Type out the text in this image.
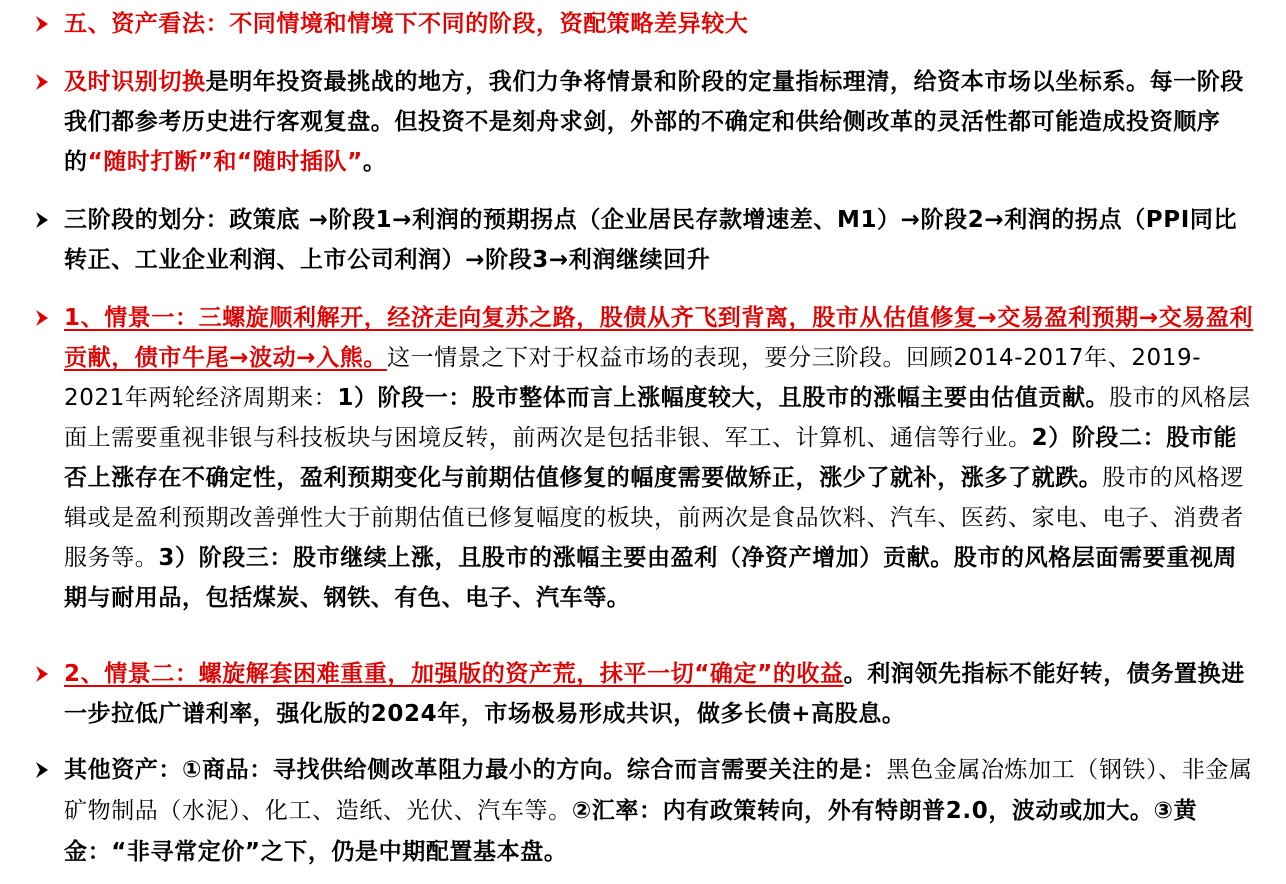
五、资产看法：不同情境和情境下不同的阶段，资配策略差异较大
及时识别切换是明年投资最挑战的地方，我们力争将情景和阶段的定量指标理清，给资本市场以坐标系。每一阶段我们都参考历史进行客观复盘。但投资不是刻舟求剑，外部的不确定和供给侧改革的灵活性都可能造成投资顺序的“随时打断”和“随时插队”。
三阶段的划分：政策底 →阶段1→利润的预期拐点（企业居民存款增速差、M1）→阶段2→利润的拐点（PPI同比转正、工业企业利润、上市公司利润）→阶段3→利润继续回升
1、情景一：三螺旋顺利解开，经济走向复苏之路，股债从齐飞到背离，股市从估值修复→交易盈利预期→交易盈利贡献，债市牛尾→波动→入熊。这一情景之下对于权益市场的表现，要分三阶段。回顾2014-2017年、2019-2021年两轮经济周期来：1）阶段一：股市整体而言上涨幅度较大，且股市的涨幅主要由估值贡献。股市的风格层面上需要重视非银与科技板块与困境反转，前两次是包括非银、军工、计算机、通信等行业。2）阶段二：股市能否上涨存在不确定性，盈利预期变化与前期估值修复的幅度需要做矫正，涨少了就补，涨多了就跌。股市的风格逻辑或是盈利预期改善弹性大于前期估值已修复幅度的板块，前两次是食品饮料、汽车、医药、家电、电子、消费者服务等。3）阶段三：股市继续上涨，且股市的涨幅主要由盈利（净资产增加）贡献。股市的风格层面需要重视周期与耐用品，包括煤炭、钢铁、有色、电子、汽车等。
2、情景二：螺旋解套困难重重，加强版的资产荒，抹平一切“确定”的收益。利润领先指标不能好转，债务置换进一步拉低广谱利率，强化版的2024年，市场极易形成共识，做多长债+高股息。
其他资产：①商品：寻找供给侧改革阻力最小的方向。综合而言需要关注的是：黑色金属冶炼加工（钢铁）、非金属矿物制品（水泥）、化工、造纸、光伏、汽车等。②汇率：内有政策转向，外有特朗普2.0，波动或加大。③黄金：“非寻常定价”之下，仍是中期配置基本盘。
